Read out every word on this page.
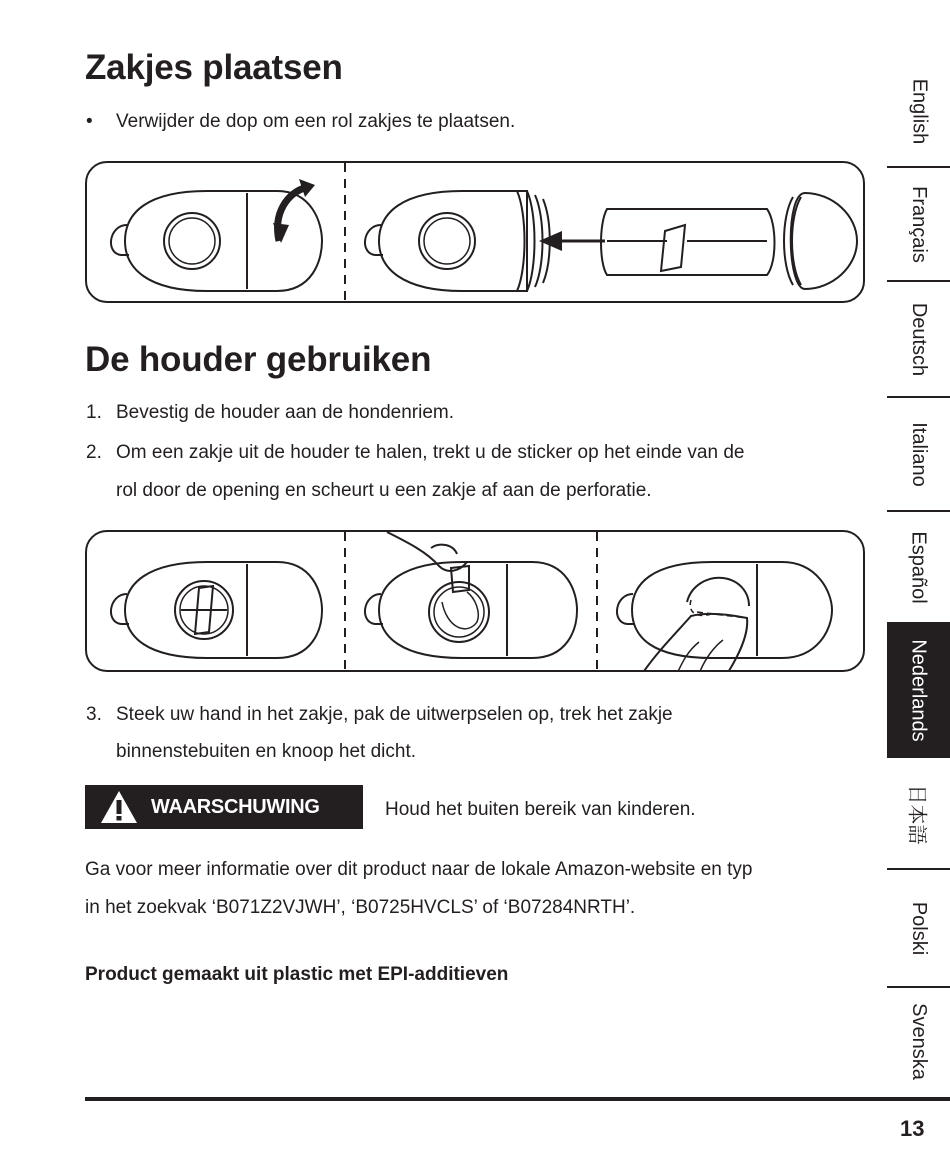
Zakjes plaatsen
• Verwijder de dop om een rol zakjes te plaatsen.
De houder gebruiken
1. Bevestig de houder aan de hondenriem.
2. Om een zakje uit de houder te halen, trekt u de sticker op het einde van de
rol door de opening en scheurt u een zakje af aan de perforatie.
3. Steek uw hand in het zakje, pak de uitwerpselen op, trek het zakje
binnenstebuiten en knoop het dicht.
WAARSCHUWING	Houd het buiten bereik van kinderen.
Ga voor meer informatie over dit product naar de lokale Amazon-website en typ
in het zoekvak ‘B071Z2VJWH’, ‘B0725HVCLS’ of ‘B07284NRTH’.
Product gemaakt uit plastic met EPI-additieven
13
English
Français
Deutsch
Italiano
Español
Nederlands
日本語
Polski
Svenska
